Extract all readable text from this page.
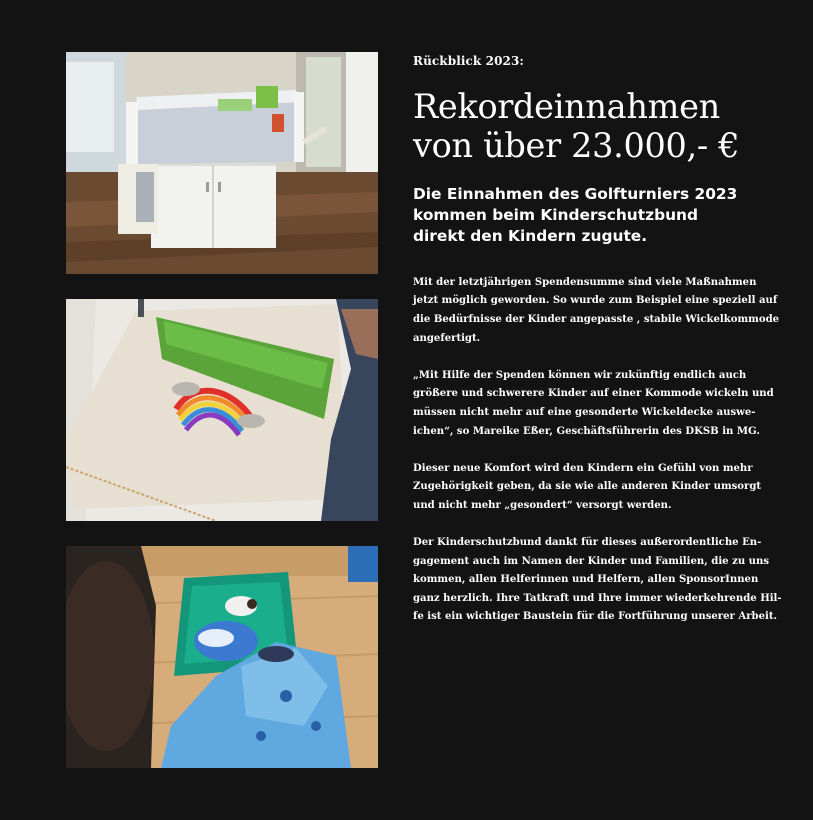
Rückblick 2023:

Rekordeinnahmen
von über 23.000,- €
Die Einnahmen des Golfturniers 2023
kommen beim Kinderschutzbund
direkt den Kindern zugute.

Mit der letztjährigen Spendensumme sind viele Maßnahmen
jetzt möglich geworden. So wurde zum Beispiel eine speziell auf
die Bedürfnisse der Kinder angepasste , stabile Wickelkommode
angefertigt.

„Mit Hilfe der Spenden können wir zukünftig endlich auch
größere und schwerere Kinder auf einer Kommode wickeln und
müssen nicht mehr auf eine gesonderte Wickeldecke auswe-
ichen“, so Mareike Eßer, Geschäftsführerin des DKSB in MG.

Dieser neue Komfort wird den Kindern ein Gefühl von mehr
Zugehörigkeit geben, da sie wie alle anderen Kinder umsorgt
und nicht mehr „gesondert“ versorgt werden.

Der Kinderschutzbund dankt für dieses außerordentliche En-
gagement auch im Namen der Kinder und Familien, die zu uns
kommen, allen Helferinnen und Helfern, allen SponsorInnen
ganz herzlich. Ihre Tatkraft und Ihre immer wiederkehrende Hil-
fe ist ein wichtiger Baustein für die Fortführung unserer Arbeit.
